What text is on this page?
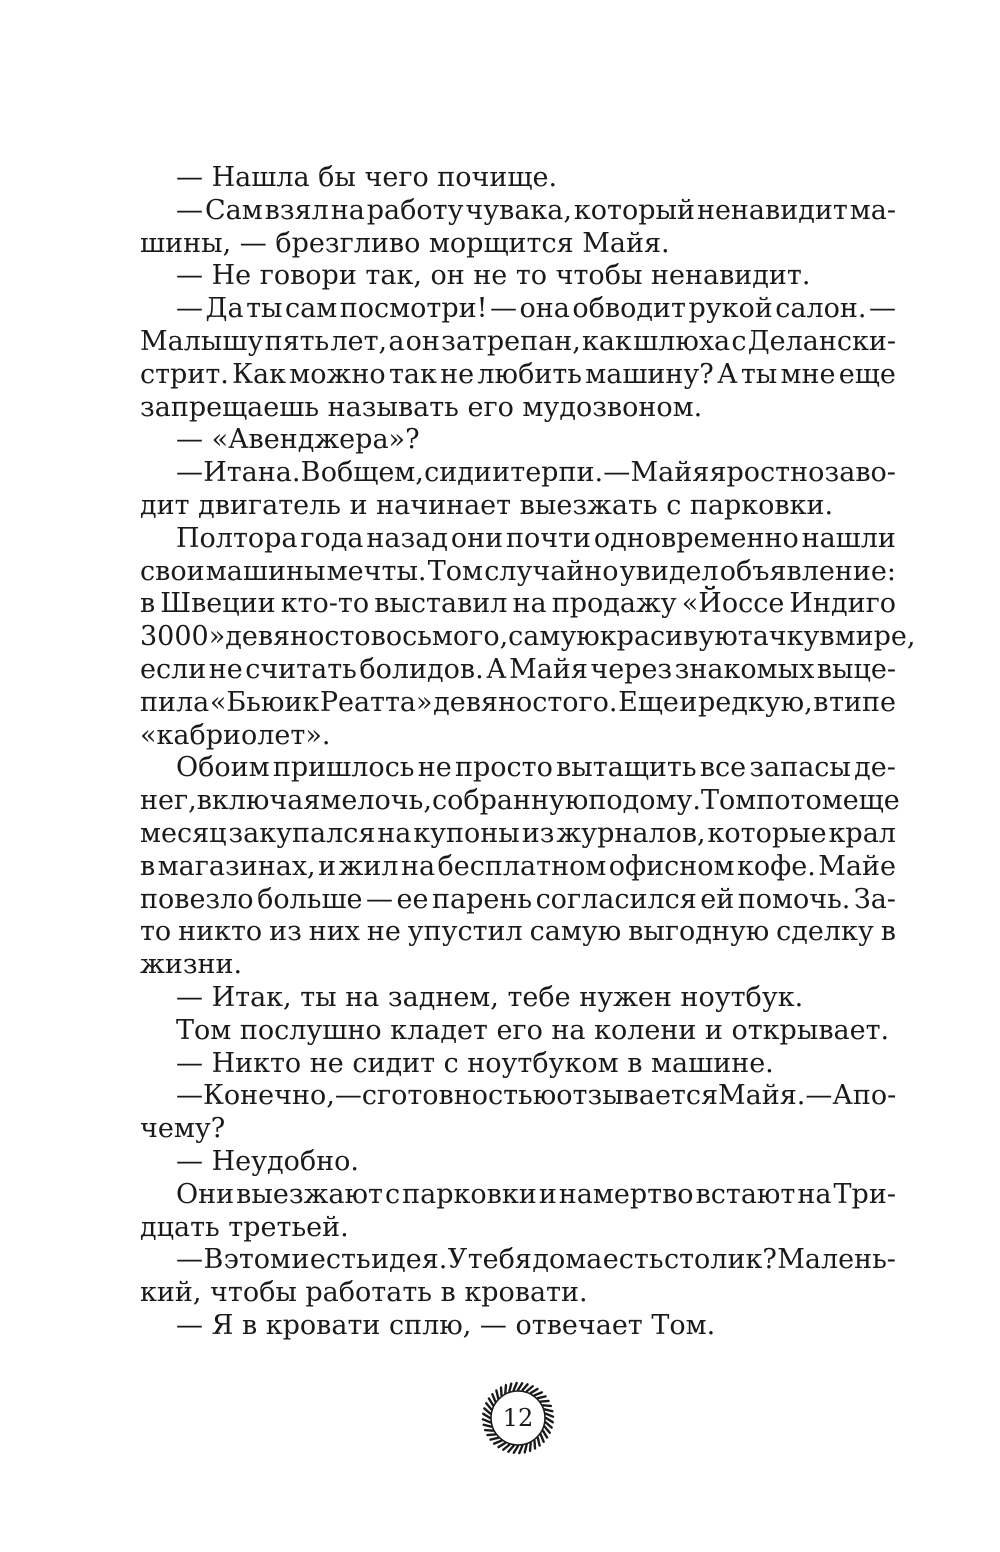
— Нашла бы чего почище.
— Сам взял на работу чувака, который ненавидит ма-
шины, — брезгливо морщится Майя.
— Не говори так, он не то чтобы ненавидит.
— Да ты сам посмотри! — она обводит рукой салон. —
Малышу пять лет, а он затрепан, как шлюха с Делански-
стрит. Как можно так не любить машину? А ты мне еще
запрещаешь называть его мудозвоном.
— «Авенджера»?
— Итана. В общем, сиди и терпи. — Майя яростно заво-
дит двигатель и начинает выезжать с парковки.
Полтора года назад они почти одновременно нашли
свои машины мечты. Том случайно увидел объявление:
в Швеции кто-то выставил на продажу «Йоссе Индиго
3000» девяносто восьмого, самую красивую тачку в мире,
если не считать болидов. А Майя через знакомых выце-
пила «Бьюик Реатта» девяностого. Еще и редкую, в типе
«кабриолет».
Обоим пришлось не просто вытащить все запасы де-
нег, включая мелочь, собранную по дому. Том потом еще
месяц закупался на купоны из журналов, которые крал
в магазинах, и жил на бесплатном офисном кофе. Майе
повезло больше — ее парень согласился ей помочь. За-
то никто из них не упустил самую выгодную сделку в
жизни.
— Итак, ты на заднем, тебе нужен ноутбук.
Том послушно кладет его на колени и открывает.
— Никто не сидит с ноутбуком в машине.
— Конечно, — с готовностью отзывается Майя. — А по-
чему?
— Неудобно.
Они выезжают с парковки и намертво встают на Три-
дцать третьей.
— В этом и есть идея. У тебя дома есть столик? Малень-
кий, чтобы работать в кровати.
— Я в кровати сплю, — отвечает Том.
12
